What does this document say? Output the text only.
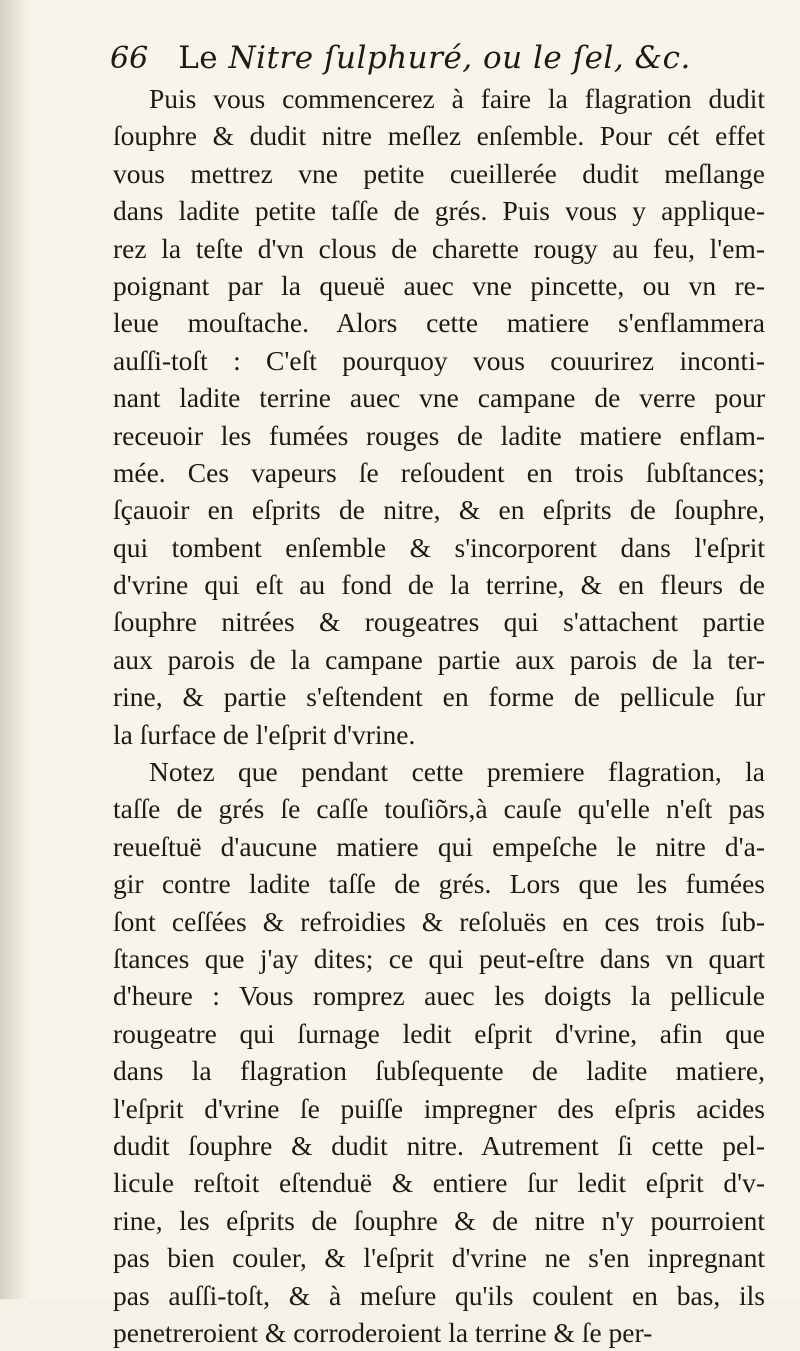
66 Le Nitre ſulphuré, ou le ſel, &c.
Puis vous commencerez à faire la flagration dudit
ſouphre & dudit nitre meſlez enſemble. Pour cét effet
vous mettrez vne petite cueillerée dudit meſlange
dans ladite petite taſſe de grés. Puis vous y applique-
rez la teſte d'vn clous de charette rougy au feu, l'em-
poignant par la queuë auec vne pincette, ou vn re-
leue mouſtache. Alors cette matiere s'enflammera
auſſi-toſt : C'eſt pourquoy vous couurirez inconti-
nant ladite terrine auec vne campane de verre pour
receuoir les fumées rouges de ladite matiere enflam-
mée. Ces vapeurs ſe reſoudent en trois ſubſtances;
ſçauoir en eſprits de nitre, & en eſprits de ſouphre,
qui tombent enſemble & s'incorporent dans l'eſprit
d'vrine qui eſt au fond de la terrine, & en fleurs de
ſouphre nitrées & rougeatres qui s'attachent partie
aux parois de la campane partie aux parois de la ter-
rine, & partie s'eſtendent en forme de pellicule ſur
la ſurface de l'eſprit d'vrine.
Notez que pendant cette premiere flagration, la
taſſe de grés ſe caſſe touſiõrs,à cauſe qu'elle n'eſt pas
reueſtuë d'aucune matiere qui empeſche le nitre d'a-
gir contre ladite taſſe de grés. Lors que les fumées
ſont ceſſées & refroidies & reſoluës en ces trois ſub-
ſtances que j'ay dites; ce qui peut-eſtre dans vn quart
d'heure : Vous romprez auec les doigts la pellicule
rougeatre qui ſurnage ledit eſprit d'vrine, afin que
dans la flagration ſubſequente de ladite matiere,
l'eſprit d'vrine ſe puiſſe impregner des eſpris acides
dudit ſouphre & dudit nitre. Autrement ſi cette pel-
licule reſtoit eſtenduë & entiere ſur ledit eſprit d'v-
rine, les eſprits de ſouphre & de nitre n'y pourroient
pas bien couler, & l'eſprit d'vrine ne s'en inpregnant
pas auſſi-toſt, & à meſure qu'ils coulent en bas, ils
penetreroient & corroderoient la terrine & ſe per-
